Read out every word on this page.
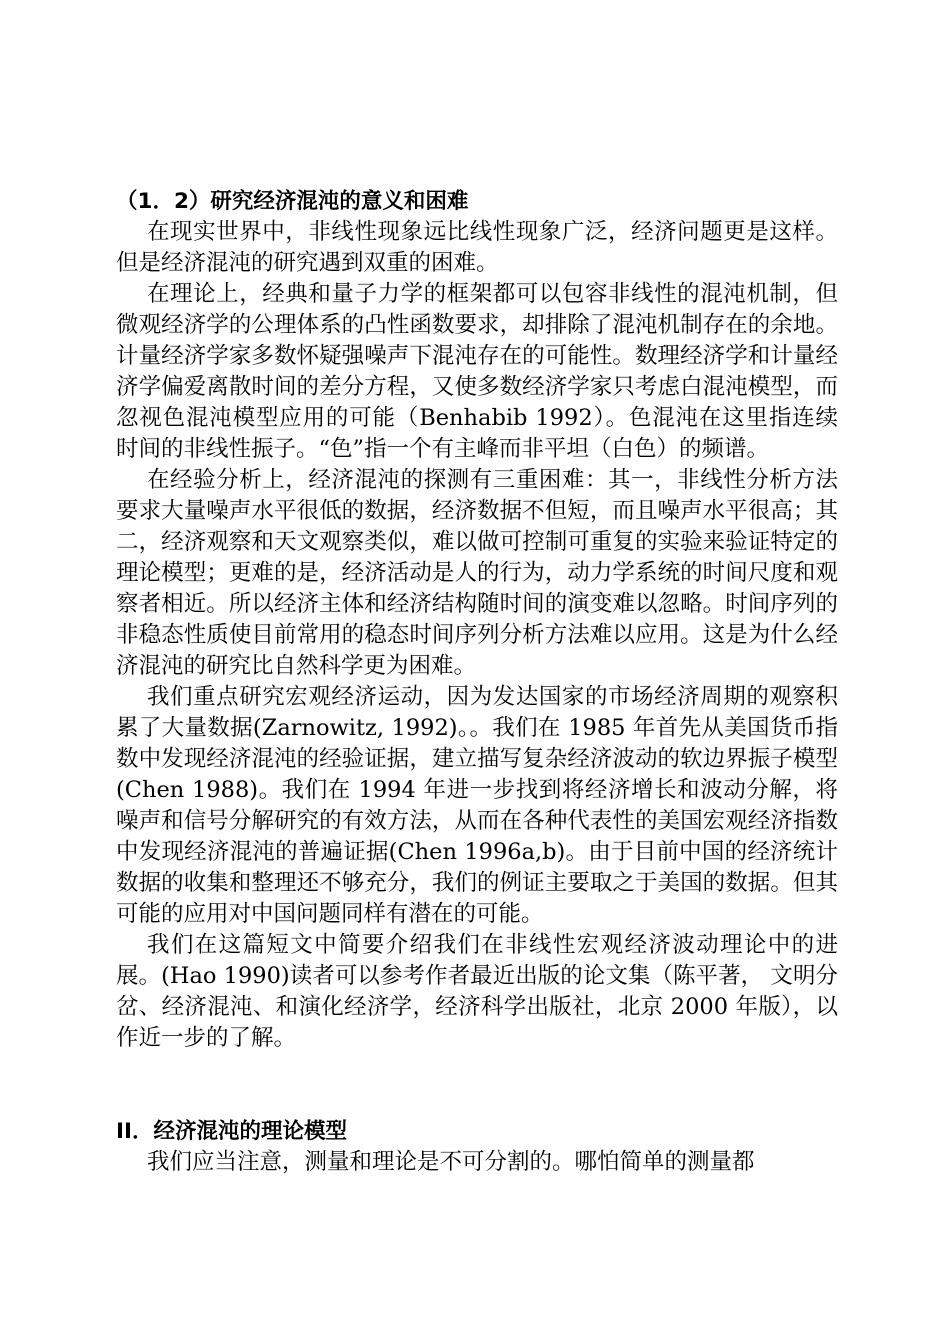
（1．2）研究经济混沌的意义和困难

在现实世界中，非线性现象远比线性现象广泛，经济问题更是这样。但是经济混沌的研究遇到双重的困难。

在理论上，经典和量子力学的框架都可以包容非线性的混沌机制，但微观经济学的公理体系的凸性函数要求，却排除了混沌机制存在的余地。计量经济学家多数怀疑强噪声下混沌存在的可能性。数理经济学和计量经济学偏爱离散时间的差分方程，又使多数经济学家只考虑白混沌模型，而忽视色混沌模型应用的可能（Benhabib 1992）。色混沌在这里指连续时间的非线性振子。“色”指一个有主峰而非平坦（白色）的频谱。

在经验分析上，经济混沌的探测有三重困难：其一，非线性分析方法要求大量噪声水平很低的数据，经济数据不但短，而且噪声水平很高；其二，经济观察和天文观察类似，难以做可控制可重复的实验来验证特定的理论模型；更难的是，经济活动是人的行为，动力学系统的时间尺度和观察者相近。所以经济主体和经济结构随时间的演变难以忽略。时间序列的非稳态性质使目前常用的稳态时间序列分析方法难以应用。这是为什么经济混沌的研究比自然科学更为困难。

我们重点研究宏观经济运动，因为发达国家的市场经济周期的观察积累了大量数据(Zarnowitz, 1992)。。我们在 1985 年首先从美国货币指数中发现经济混沌的经验证据，建立描写复杂经济波动的软边界振子模型 (Chen 1988)。我们在 1994 年进一步找到将经济增长和波动分解，将噪声和信号分解研究的有效方法，从而在各种代表性的美国宏观经济指数中发现经济混沌的普遍证据(Chen 1996a,b)。由于目前中国的经济统计数据的收集和整理还不够充分，我们的例证主要取之于美国的数据。但其可能的应用对中国问题同样有潜在的可能。

我们在这篇短文中简要介绍我们在非线性宏观经济波动理论中的进展。(Hao 1990)读者可以参考作者最近出版的论文集（陈平著， 文明分岔、经济混沌、和演化经济学，经济科学出版社，北京 2000 年版），以作近一步的了解。

II．经济混沌的理论模型

我们应当注意，测量和理论是不可分割的。哪怕简单的测量都
